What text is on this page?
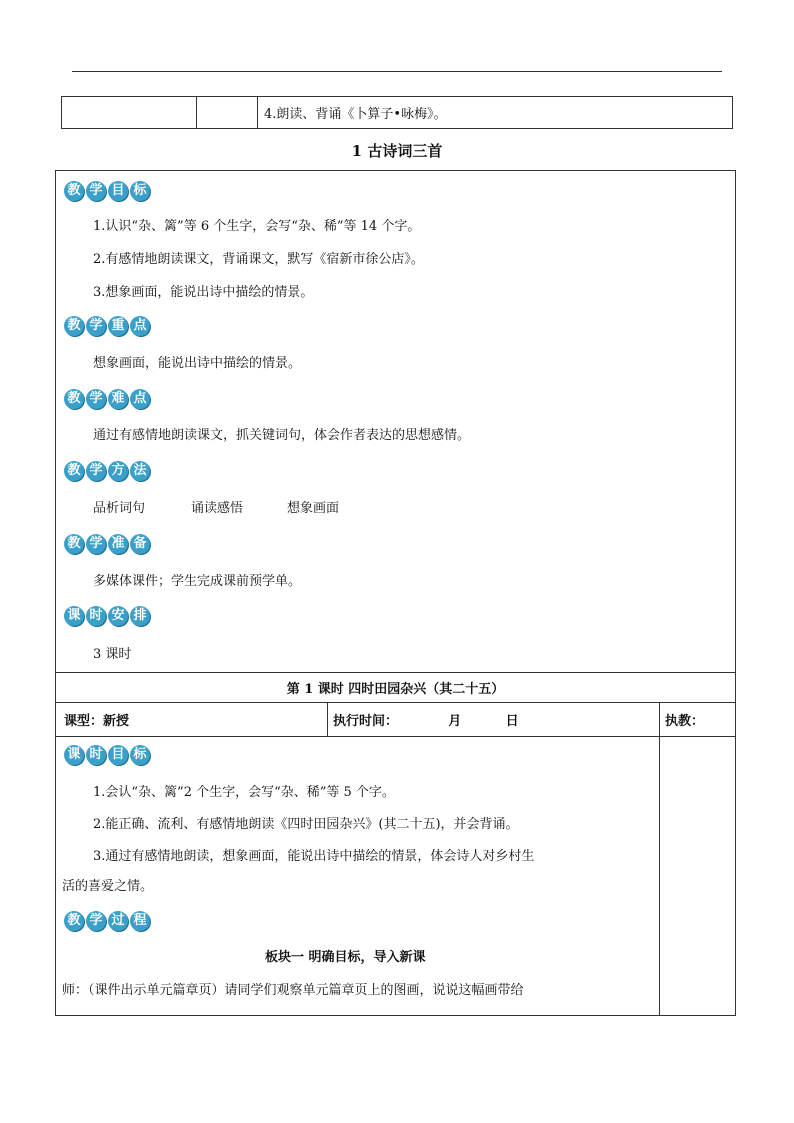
		4.朗读、背诵《卜算子•咏梅》。
1 古诗词三首
教 学 目 标
1.认识“杂、篱”等 6 个生字，会写“杂、稀”等 14 个字。
2.有感情地朗读课文，背诵课文，默写《宿新市徐公店》。
3.想象画面，能说出诗中描绘的情景。
教 学 重 点
想象画面，能说出诗中描绘的情景。
教 学 难 点
通过有感情地朗读课文，抓关键词句，体会作者表达的思想感情。
教 学 方 法
品析词句	诵读感悟	想象画面
教 学 准 备
多媒体课件；学生完成课前预学单。
课 时 安 排
3 课时
第 1 课时 四时田园杂兴（其二十五）		
课型：新授	执行时间： 月 日	执教：

课 时 目 标
1.会认“杂、篱”2 个生字，会写“杂、稀”等 5 个字。
2.能正确、流利、有感情地朗读《四时田园杂兴》(其二十五)，并会背诵。
3.通过有感情地朗读，想象画面，能说出诗中描绘的情景，体会诗人对乡村生
活的喜爱之情。
教 学 过 程
板块一 明确目标，导入新课
师：（课件出示单元篇章页）请同学们观察单元篇章页上的图画，说说这幅画带给
